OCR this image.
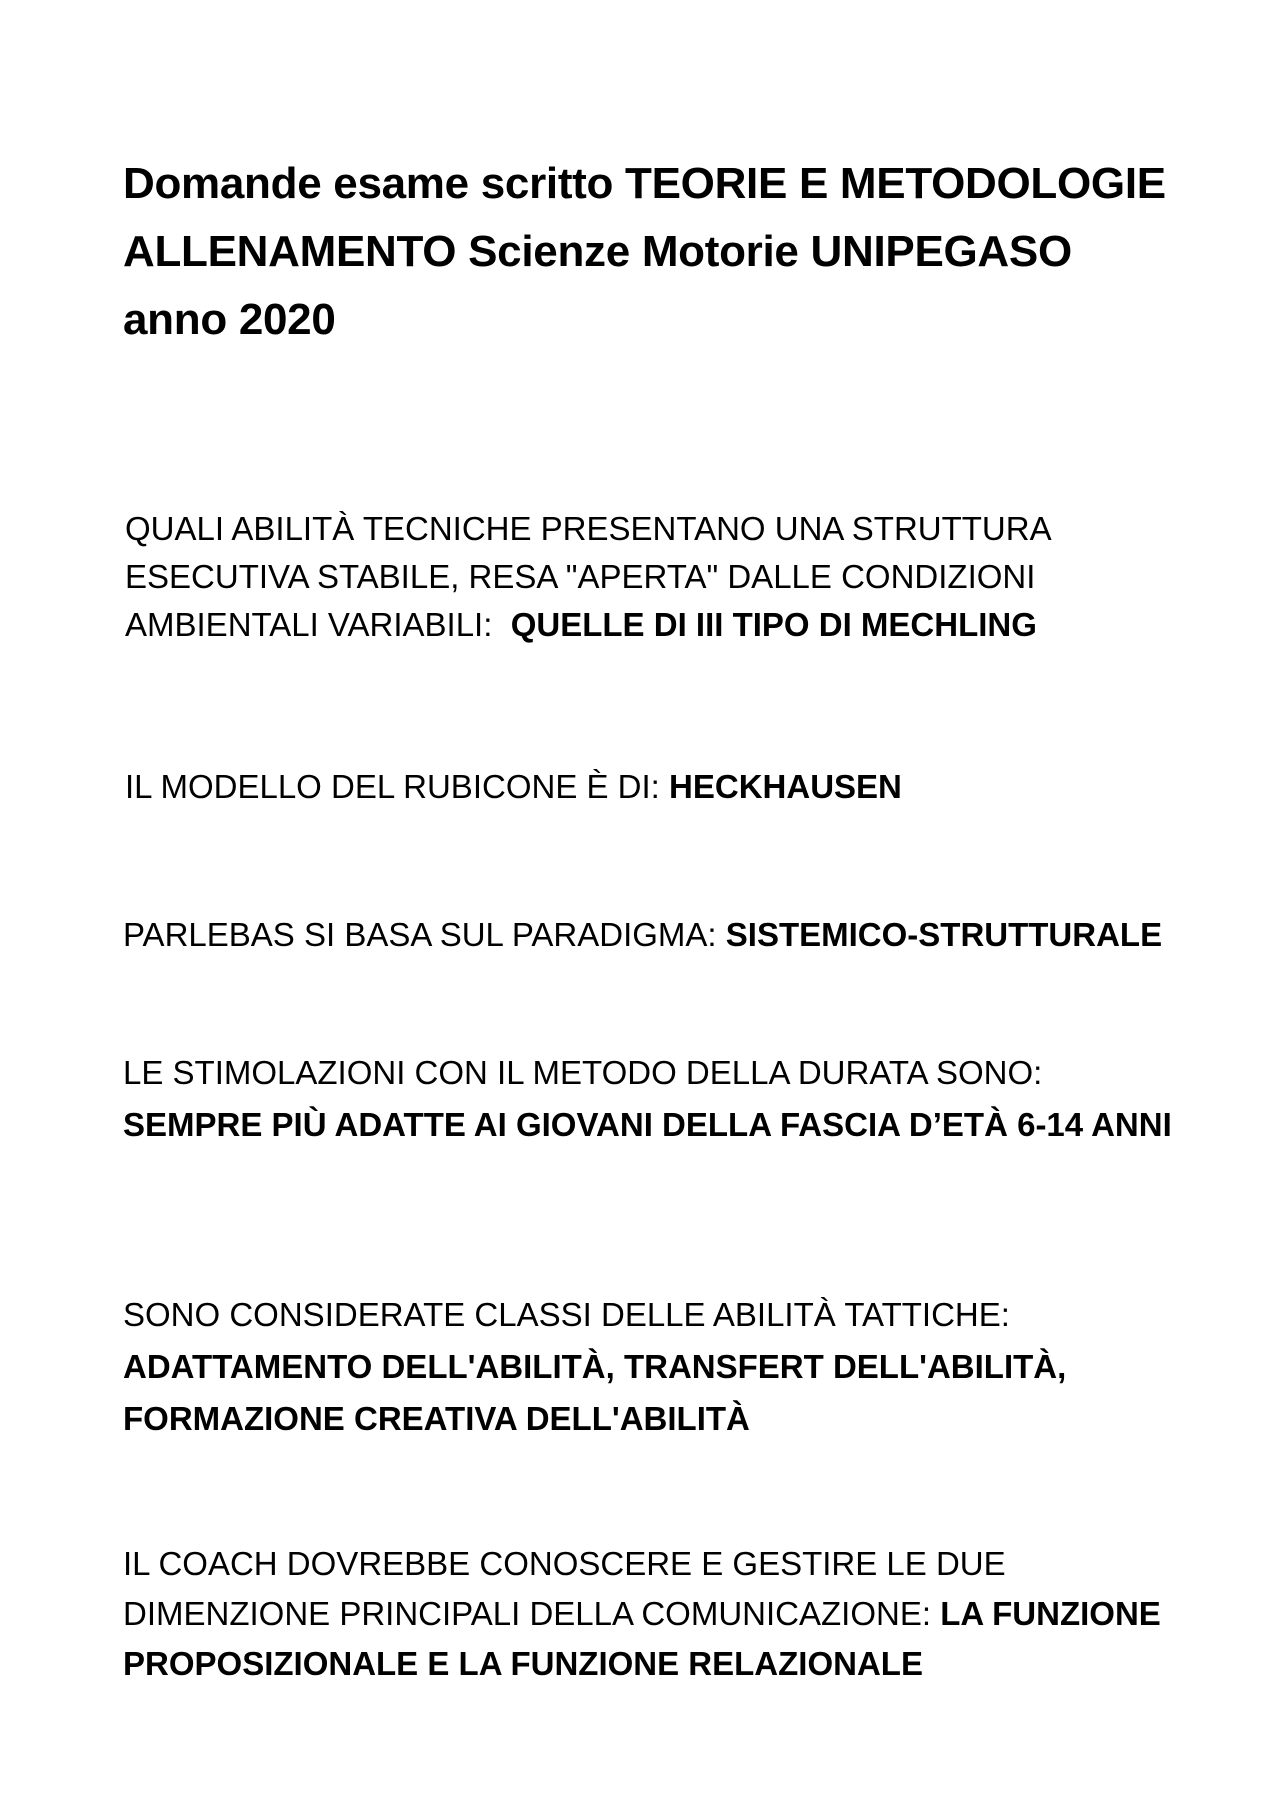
Domande esame scritto TEORIE E METODOLOGIE ALLENAMENTO Scienze Motorie UNIPEGASO anno 2020

QUALI ABILITÀ TECNICHE PRESENTANO UNA STRUTTURA ESECUTIVA STABILE, RESA "APERTA" DALLE CONDIZIONI AMBIENTALI VARIABILI: QUELLE DI III TIPO DI MECHLING

IL MODELLO DEL RUBICONE È DI: HECKHAUSEN

PARLEBAS SI BASA SUL PARADIGMA: SISTEMICO-STRUTTURALE

LE STIMOLAZIONI CON IL METODO DELLA DURATA SONO:
SEMPRE PIÙ ADATTE AI GIOVANI DELLA FASCIA D’ETÀ 6-14 ANNI

SONO CONSIDERATE CLASSI DELLE ABILITÀ TATTICHE:
ADATTAMENTO DELL'ABILITÀ, TRANSFERT DELL'ABILITÀ, FORMAZIONE CREATIVA DELL'ABILITÀ

IL COACH DOVREBBE CONOSCERE E GESTIRE LE DUE DIMENZIONE PRINCIPALI DELLA COMUNICAZIONE: LA FUNZIONE PROPOSIZIONALE E LA FUNZIONE RELAZIONALE
